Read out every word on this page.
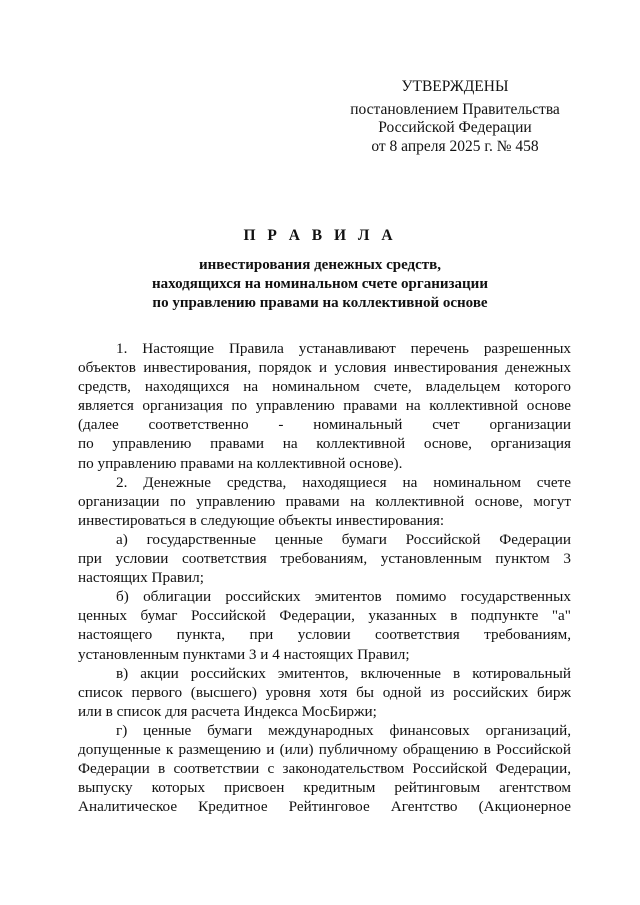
УТВЕРЖДЕНЫ
постановлением Правительства
Российской Федерации
от 8 апреля 2025 г. № 458
П Р А В И Л А
инвестирования денежных средств,
находящихся на номинальном счете организации
по управлению правами на коллективной основе
1. Настоящие Правила устанавливают перечень разрешенных
объектов инвестирования, порядок и условия инвестирования денежных
средств, находящихся на номинальном счете, владельцем которого
является организация по управлению правами на коллективной основе
(далее соответственно - номинальный счет организации
по управлению правами на коллективной основе, организация
по управлению правами на коллективной основе).
2. Денежные средства, находящиеся на номинальном счете
организации по управлению правами на коллективной основе, могут
инвестироваться в следующие объекты инвестирования:
а) государственные ценные бумаги Российской Федерации
при условии соответствия требованиям, установленным пунктом 3
настоящих Правил;
б) облигации российских эмитентов помимо государственных
ценных бумаг Российской Федерации, указанных в подпункте "а"
настоящего пункта, при условии соответствия требованиям,
установленным пунктами 3 и 4 настоящих Правил;
в) акции российских эмитентов, включенные в котировальный
список первого (высшего) уровня хотя бы одной из российских бирж
или в список для расчета Индекса МосБиржи;
г) ценные бумаги международных финансовых организаций,
допущенные к размещению и (или) публичному обращению в Российской
Федерации в соответствии с законодательством Российской Федерации,
выпуску которых присвоен кредитным рейтинговым агентством
Аналитическое Кредитное Рейтинговое Агентство (Акционерное
